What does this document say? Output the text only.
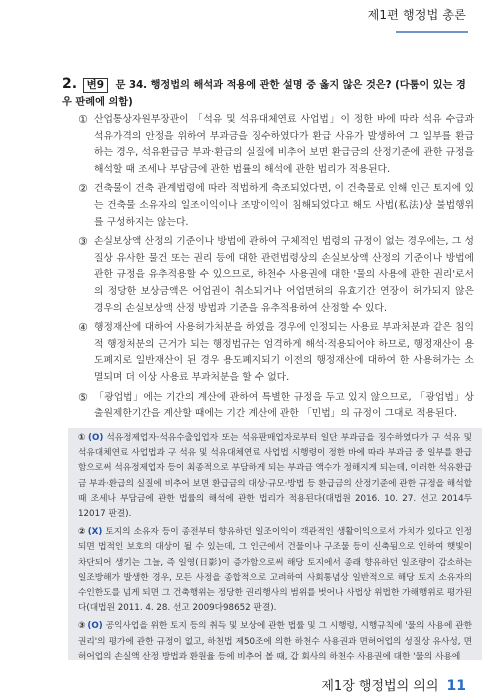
제1편 행정법 총론
2. 변9 문 34. 행정법의 해석과 적용에 관한 설명 중 옳지 않은 것은? (다툼이 있는 경우 판례에 의함)
① 산업통상자원부장관이 「석유 및 석유대체연료 사업법」이 정한 바에 따라 석유 수급과 석유가격의 안정을 위하여 부과금을 징수하였다가 환급 사유가 발생하여 그 일부를 환급하는 경우, 석유환급금 부과·환급의 실질에 비추어 보면 환급금의 산정기준에 관한 규정을 해석할 때 조세나 부담금에 관한 법률의 해석에 관한 법리가 적용된다.
② 건축물이 건축 관계법령에 따라 적법하게 축조되었다면, 이 건축물로 인해 인근 토지에 있는 건축물 소유자의 일조이익이나 조망이익이 침해되었다고 해도 사법(私法)상 불법행위를 구성하지는 않는다.
③ 손실보상액 산정의 기준이나 방법에 관하여 구체적인 법령의 규정이 없는 경우에는, 그 성질상 유사한 물건 또는 권리 등에 대한 관련법령상의 손실보상액 산정의 기준이나 방법에 관한 규정을 유추적용할 수 있으므로, 하천수 사용권에 대한 '물의 사용에 관한 권리'로서의 정당한 보상금액은 어업권이 취소되거나 어업면허의 유효기간 연장이 허가되지 않은 경우의 손실보상액 산정 방법과 기준을 유추적용하여 산정할 수 있다.
④ 행정재산에 대하여 사용허가처분을 하였을 경우에 인정되는 사용료 부과처분과 같은 침익적 행정처분의 근거가 되는 행정법규는 엄격하게 해석·적용되어야 하므로, 행정재산이 용도폐지로 일반재산이 된 경우 용도폐지되기 이전의 행정재산에 대하여 한 사용허가는 소멸되며 더 이상 사용료 부과처분을 할 수 없다.
⑤ 「광업법」에는 기간의 계산에 관하여 특별한 규정을 두고 있지 않으므로, 「광업법」상 출원제한기간을 계산할 때에는 기간 계산에 관한 「민법」의 규정이 그대로 적용된다.
① (O) 석유정제업자·석유수출입업자 또는 석유판매업자로부터 일단 부과금을 징수하였다가 구 석유 및 석유대체연료 사업법과 구 석유 및 석유대체연료 사업법 시행령이 정한 바에 따라 부과금 중 일부를 환급함으로써 석유정제업자 등이 최종적으로 부담하게 되는 부과금 액수가 정해지게 되는데, 이러한 석유환급금 부과·환급의 실질에 비추어 보면 환급금의 대상·규모·방법 등 환급금의 산정기준에 관한 규정을 해석할 때 조세나 부담금에 관한 법률의 해석에 관한 법리가 적용된다(대법원 2016. 10. 27. 선고 2014두12017 판결).
② (X) 토지의 소유자 등이 종전부터 향유하던 일조이익이 객관적인 생활이익으로서 가치가 있다고 인정되면 법적인 보호의 대상이 될 수 있는데, 그 인근에서 건물이나 구조물 등이 신축됨으로 인하여 햇빛이 차단되어 생기는 그늘, 즉 일영(日影)이 증가함으로써 해당 토지에서 종래 향유하던 일조량이 감소하는 일조방해가 발생한 경우, 모든 사정을 종합적으로 고려하여 사회통념상 일반적으로 해당 토지 소유자의 수인한도를 넘게 되면 그 건축행위는 정당한 권리행사의 범위를 벗어나 사법상 위법한 가해행위로 평가된다(대법원 2011. 4. 28. 선고 2009다98652 판결).
③ (O) 공익사업을 위한 토지 등의 취득 및 보상에 관한 법률 및 그 시행령, 시행규칙에 '물의 사용에 관한 권리'의 평가에 관한 규정이 없고, 하천법 제50조에 의한 하천수 사용권과 면허어업의 성질상 유사성, 면허어업의 손실액 산정 방법과 환원율 등에 비추어 볼 때, 갑 회사의 하천수 사용권에 대한 '물의 사용에
제1장 행정법의 의의 11
